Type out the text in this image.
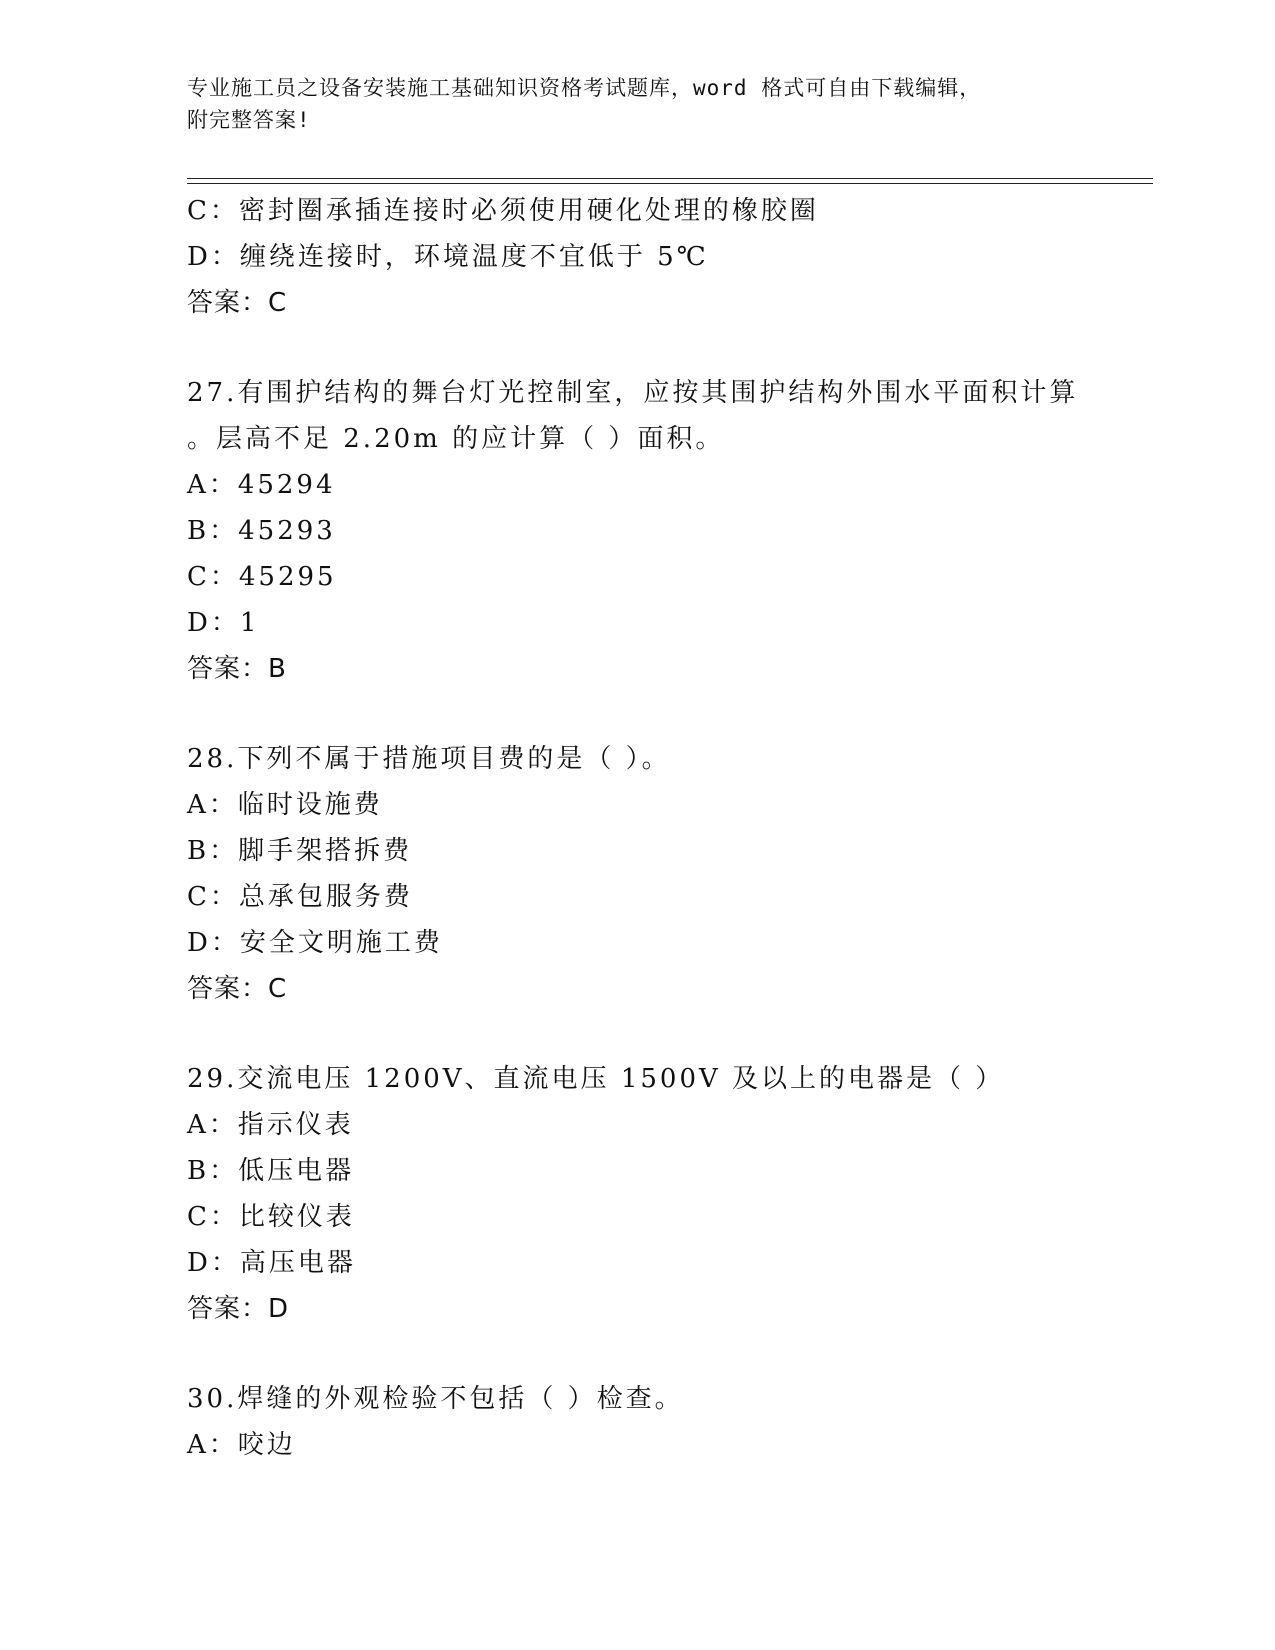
专业施工员之设备安装施工基础知识资格考试题库，word 格式可自由下载编辑，
附完整答案!
C：密封圈承插连接时必须使用硬化处理的橡胶圈
D：缠绕连接时，环境温度不宜低于 5℃
答案：C
27.有围护结构的舞台灯光控制室，应按其围护结构外围水平面积计算
。层高不足 2.20m 的应计算（ ）面积。
A：45294
B：45293
C：45295
D：1
答案：B
28.下列不属于措施项目费的是（ ）。
A：临时设施费
B：脚手架搭拆费
C：总承包服务费
D：安全文明施工费
答案：C
29.交流电压 1200V、直流电压 1500V 及以上的电器是（ ）
A：指示仪表
B：低压电器
C：比较仪表
D：高压电器
答案：D
30.焊缝的外观检验不包括（ ）检查。
A：咬边
